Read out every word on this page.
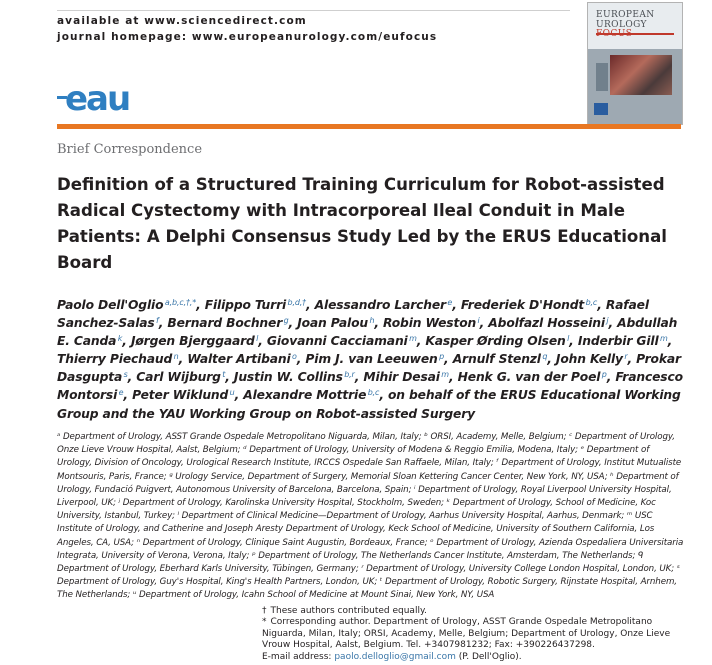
available at www.sciencedirect.com
journal homepage: www.europeanurology.com/eufocus
eau
EUROPEAN
UROLOGY
Brief Correspondence
Definition of a Structured Training Curriculum for Robot-assisted Radical Cystectomy with Intracorporeal Ileal Conduit in Male Patients: A Delphi Consensus Study Led by the ERUS Educational Board
Paolo Dell'Oglio $^{a,b,c,\dagger,*}$, Filippo Turri $^{b,d,\dagger}$, Alessandro Larcher $^e$, Frederiek D'Hondt $^{b,c}$, Rafael Sanchez-Salas $^f$, Bernard Bochner $^g$, Joan Palou $^h$, Robin Weston $^i$, Abolfazl Hosseini $^j$, Abdullah E. Canda $^k$, Jørgen Bjerggaard $^l$, Giovanni Cacciamani $^m$, Kasper Ørding Olsen $^l$, Inderbir Gill $^m$, Thierry Piechaud $^n$, Walter Artibani $^o$, Pim J. van Leeuwen $^p$, Arnulf Stenzl $^q$, John Kelly $^r$, Prokar Dasgupta $^s$, Carl Wijburg $^t$, Justin W. Collins $^{b,r}$, Mihir Desai $^m$, Henk G. van der Poel $^p$, Francesco Montorsi $^e$, Peter Wiklund $^u$, Alexandre Mottrie $^{b,c}$, on behalf of the ERUS Educational Working Group and the YAU Working Group on Robot-assisted Surgery
ᵃ Department of Urology, ASST Grande Ospedale Metropolitano Niguarda, Milan, Italy; ᵇ ORSI, Academy, Melle, Belgium; ᶜ Department of Urology, Onze Lieve Vrouw Hospital, Aalst, Belgium; ᵈ Department of Urology, University of Modena & Reggio Emilia, Modena, Italy; ᵉ Department of Urology, Division of Oncology, Urological Research Institute, IRCCS Ospedale San Raffaele, Milan, Italy; ᶠ Department of Urology, Institut Mutualiste Montsouris, Paris, France; ᵍ Urology Service, Department of Surgery, Memorial Sloan Kettering Cancer Center, New York, NY, USA; ʰ Department of Urology, Fundació Puigvert, Autonomous University of Barcelona, Barcelona, Spain; ⁱ Department of Urology, Royal Liverpool University Hospital, Liverpool, UK; ʲ Department of Urology, Karolinska University Hospital, Stockholm, Sweden; ᵏ Department of Urology, School of Medicine, Koc University, Istanbul, Turkey; ˡ Department of Clinical Medicine—Department of Urology, Aarhus University Hospital, Aarhus, Denmark; ᵐ USC Institute of Urology, and Catherine and Joseph Aresty Department of Urology, Keck School of Medicine, University of Southern California, Los Angeles, CA, USA; ⁿ Department of Urology, Clinique Saint Augustin, Bordeaux, France; ᵒ Department of Urology, Azienda Ospedaliera Universitaria Integrata, University of Verona, Verona, Italy; ᵖ Department of Urology, The Netherlands Cancer Institute, Amsterdam, The Netherlands; ᑫ Department of Urology, Eberhard Karls University, Tübingen, Germany; ʳ Department of Urology, University College London Hospital, London, UK; ˢ Department of Urology, Guy's Hospital, King's Health Partners, London, UK; ᵗ Department of Urology, Robotic Surgery, Rijnstate Hospital, Arnhem, The Netherlands; ᵘ Department of Urology, Icahn School of Medicine at Mount Sinai, New York, NY, USA
† These authors contributed equally.
* Corresponding author. Department of Urology, ASST Grande Ospedale Metropolitano Niguarda, Milan, Italy; ORSI, Academy, Melle, Belgium; Department of Urology, Onze Lieve Vrouw Hospital, Aalst, Belgium. Tel. +3407981232; Fax: +390226437298.
E-mail address: paolo.delloglio@gmail.com (P. Dell'Oglio).
